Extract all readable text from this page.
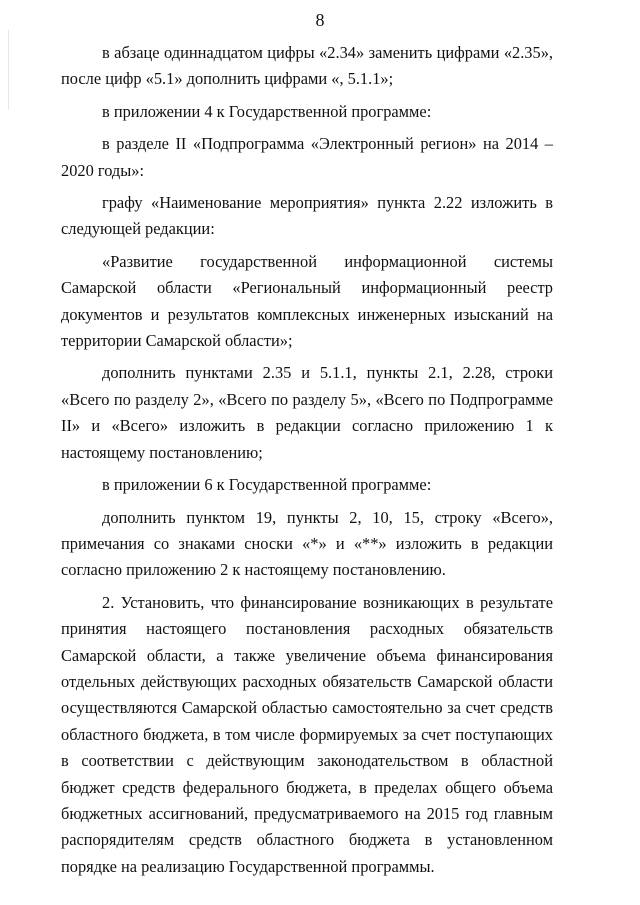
8

в абзаце одиннадцатом цифры «2.34» заменить цифрами «2.35», после цифр «5.1» дополнить цифрами «, 5.1.1»;

в приложении 4 к Государственной программе:

в разделе II «Подпрограмма «Электронный регион» на 2014 – 2020 годы»:

графу «Наименование мероприятия» пункта 2.22 изложить в следующей редакции:

«Развитие государственной информационной системы Самарской области «Региональный информационный реестр документов и результатов комплексных инженерных изысканий на территории Самарской области»;

дополнить пунктами 2.35 и 5.1.1, пункты 2.1, 2.28, строки «Всего по разделу 2», «Всего по разделу 5», «Всего по Подпрограмме II» и «Всего» изложить в редакции согласно приложению 1 к настоящему постановлению;

в приложении 6 к Государственной программе:

дополнить пунктом 19, пункты 2, 10, 15, строку «Всего», примечания со знаками сноски «*» и «**» изложить в редакции согласно приложению 2 к настоящему постановлению.

2. Установить, что финансирование возникающих в результате принятия настоящего постановления расходных обязательств Самарской области, а также увеличение объема финансирования отдельных действующих расходных обязательств Самарской области осуществляются Самарской областью самостоятельно за счет средств областного бюджета, в том числе формируемых за счет поступающих в соответствии с действующим законодательством в областной бюджет средств федерального бюджета, в пределах общего объема бюджетных ассигнований, предусматриваемого на 2015 год главным распорядителям средств областного бюджета в установленном порядке на реализацию Государственной программы.
